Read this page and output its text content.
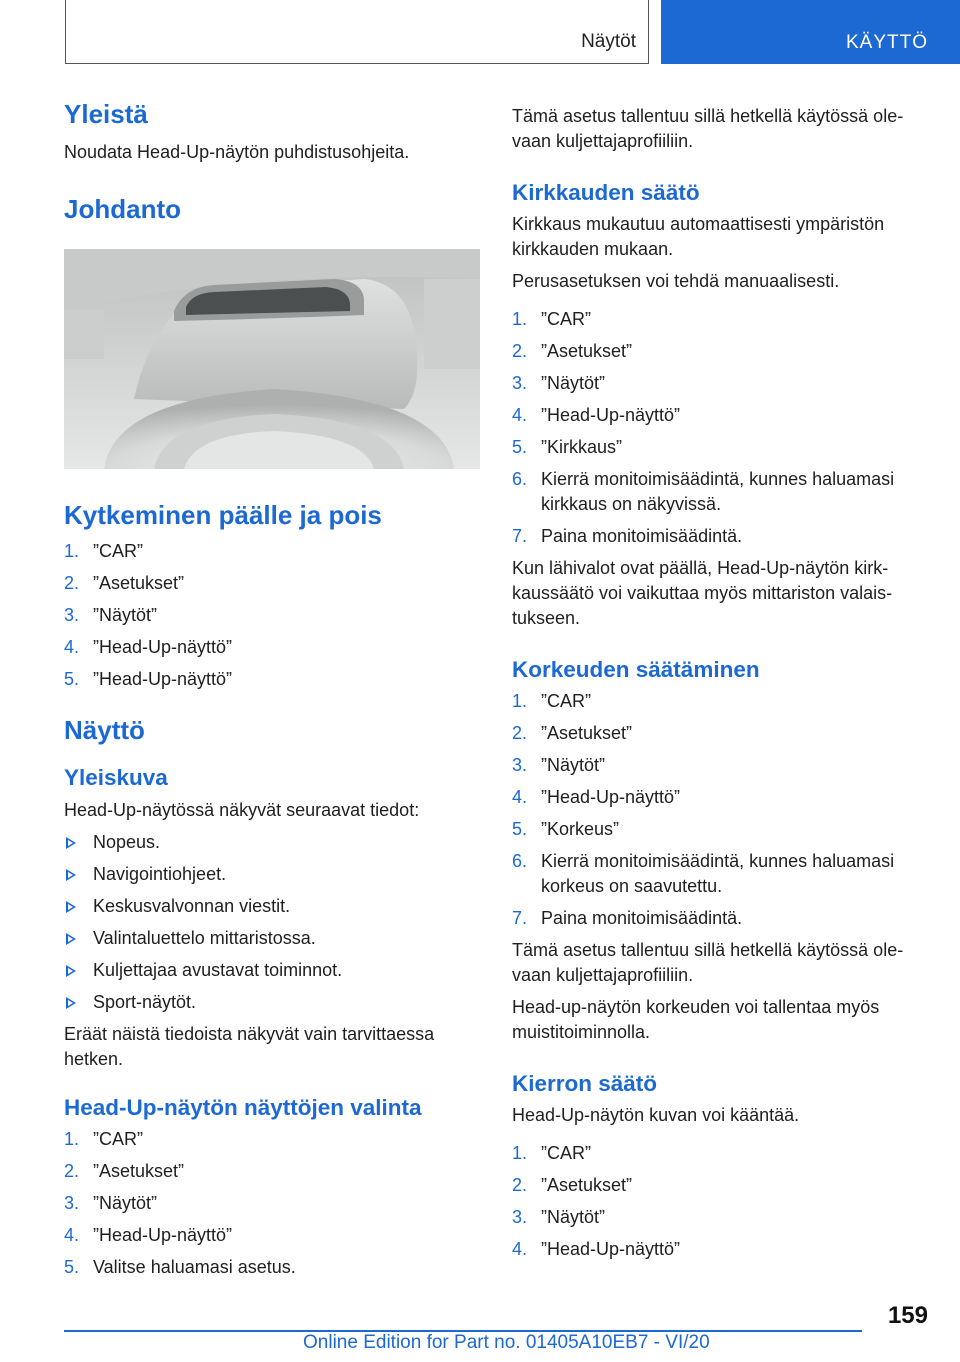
Näytöt	KÄYTTÖ
Yleistä
Noudata Head-Up-näytön puhdistusohjeita.
Johdanto
Kytkeminen päälle ja pois
1. ”CAR”
2. ”Asetukset”
3. ”Näytöt”
4. ”Head-Up-näyttö”
5. ”Head-Up-näyttö”
Näyttö
Yleiskuva
Head-Up-näytössä näkyvät seuraavat tiedot:
Nopeus.
Navigointiohjeet.
Keskusvalvonnan viestit.
Valintaluettelo mittaristossa.
Kuljettajaa avustavat toiminnot.
Sport-näytöt.
Eräät näistä tiedoista näkyvät vain tarvittaessa
hetken.
Head-Up-näytön näyttöjen valinta
1. ”CAR”
2. ”Asetukset”
3. ”Näytöt”
4. ”Head-Up-näyttö”
5. Valitse haluamasi asetus.
Tämä asetus tallentuu sillä hetkellä käytössä ole-
vaan kuljettajaprofiiliin.
Kirkkauden säätö
Kirkkaus mukautuu automaattisesti ympäristön
kirkkauden mukaan.
Perusasetuksen voi tehdä manuaalisesti.
1. ”CAR”
2. ”Asetukset”
3. ”Näytöt”
4. ”Head-Up-näyttö”
5. ”Kirkkaus”
6. Kierrä monitoimisäädintä, kunnes haluamasi
kirkkaus on näkyvissä.
7. Paina monitoimisäädintä.
Kun lähivalot ovat päällä, Head-Up-näytön kirk-
kaussäätö voi vaikuttaa myös mittariston valais-
tukseen.
Korkeuden säätäminen
1. ”CAR”
2. ”Asetukset”
3. ”Näytöt”
4. ”Head-Up-näyttö”
5. ”Korkeus”
6. Kierrä monitoimisäädintä, kunnes haluamasi
korkeus on saavutettu.
7. Paina monitoimisäädintä.
Tämä asetus tallentuu sillä hetkellä käytössä ole-
vaan kuljettajaprofiiliin.
Head-up-näytön korkeuden voi tallentaa myös
muistitoiminnolla.
Kierron säätö
Head-Up-näytön kuvan voi kääntää.
1. ”CAR”
2. ”Asetukset”
3. ”Näytöt”
4. ”Head-Up-näyttö”
159
Online Edition for Part no. 01405A10EB7 - VI/20
